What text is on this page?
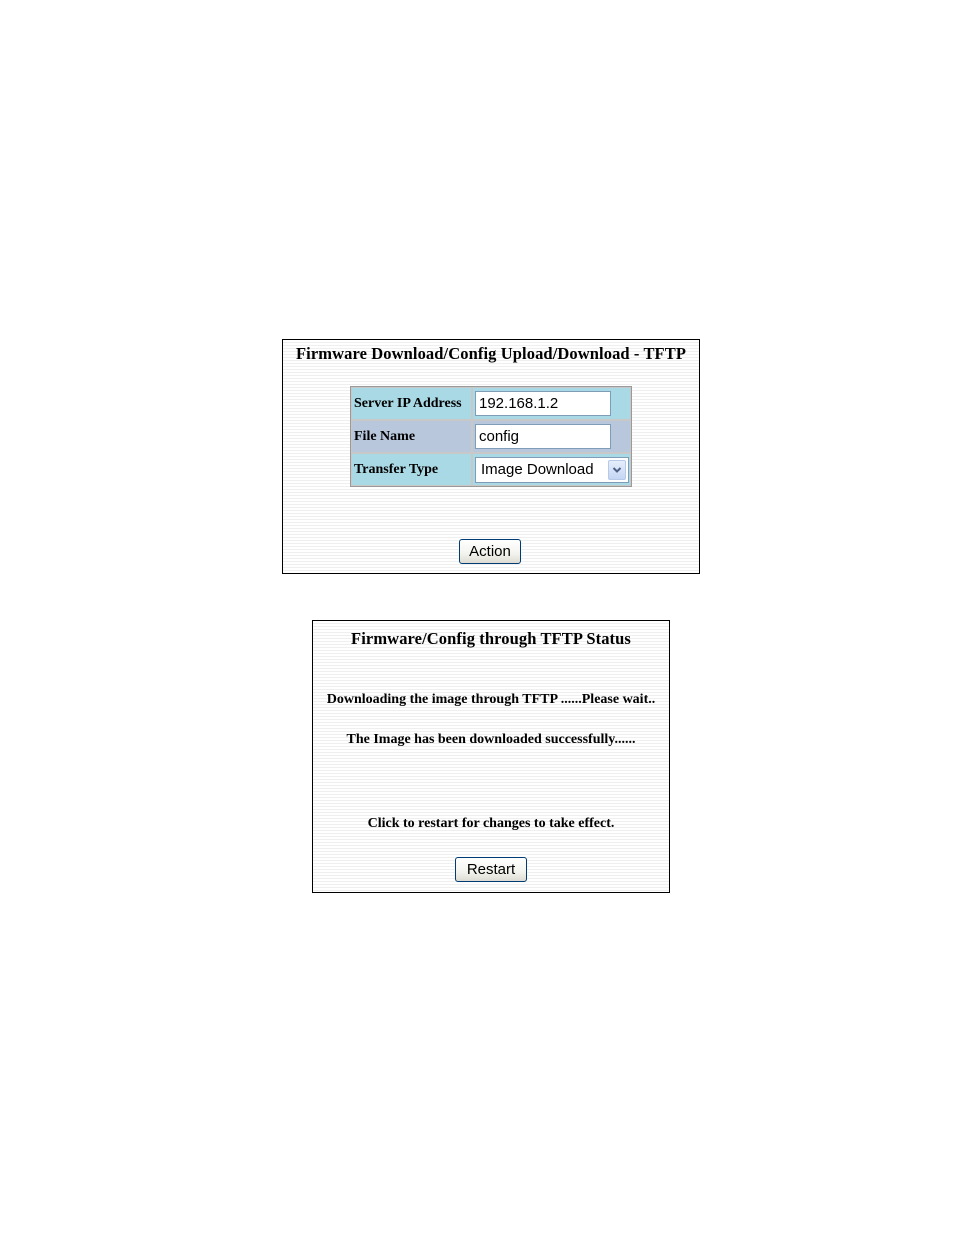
Firmware Download/Config Upload/Download - TFTP
Server IP Address	192.168.1.2
File Name	config
Transfer Type	Image Download
Action
Firmware/Config through TFTP Status
Downloading the image through TFTP ......Please wait..
The Image has been downloaded successfully......
Click to restart for changes to take effect.
Restart
